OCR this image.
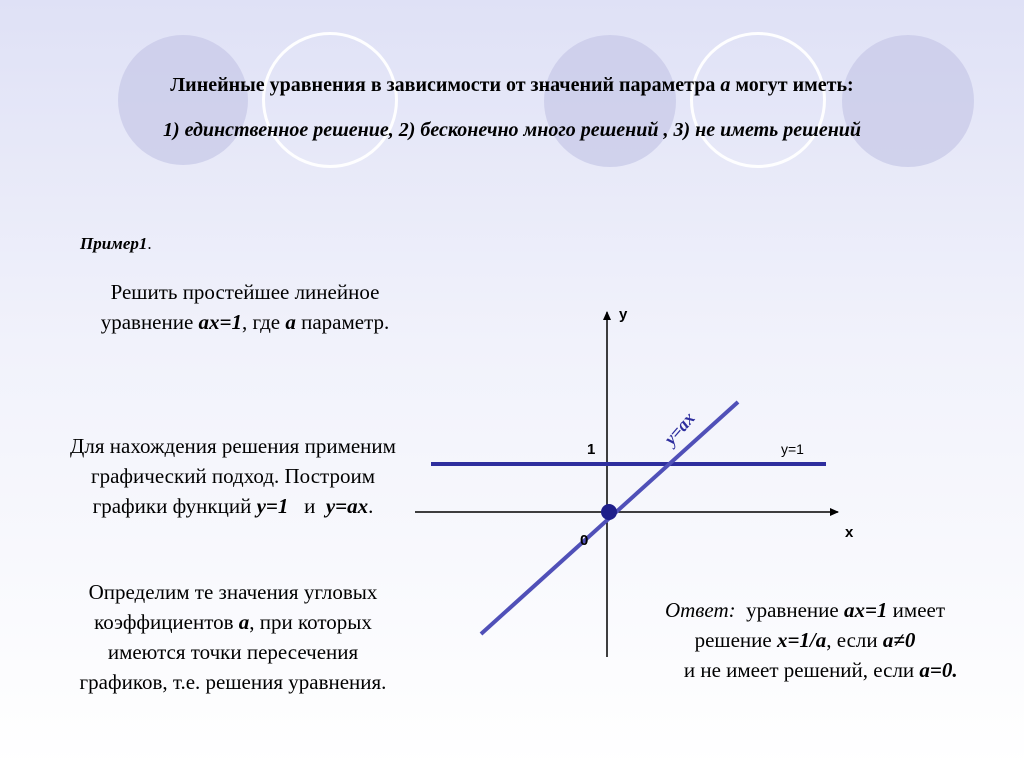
Линейные уравнения в зависимости от значений параметра а могут иметь:
1) единственное решение, 2) бесконечно много решений , 3) не иметь решений
Пример1.
Решить простейшее линейное уравнение ах=1, где а параметр.
Для нахождения решения применим графический подход. Построим графики функций у=1   и  у=ах.
Определим те значения угловых коэффициентов а, при которых имеются точки пересечения графиков, т.е. решения уравнения.
Ответ:  уравнение ах=1 имеет решение х=1/а, если а≠0      и не имеет решений, если а=0.
у
х
0
1	у=1
y=ax
